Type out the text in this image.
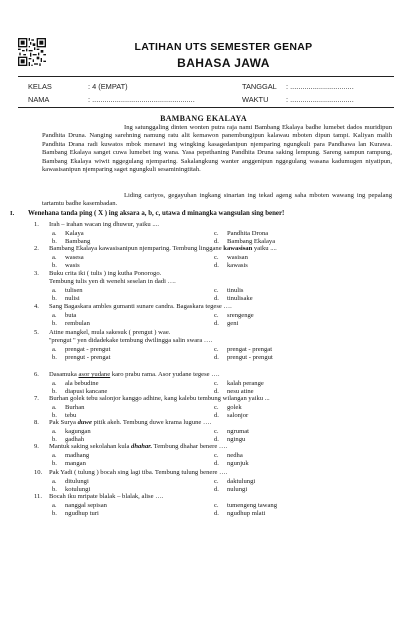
LATIHAN UTS SEMESTER GENAP
BAHASA JAWA
KELAS	: 4 (EMPAT)
NAMA	: ..................................................
TANGGAL : ...............................
WAKTU : ...............................
BAMBANG EKALAYA
Ing satunggaling dinten wonten putra raja nami Bambang Ekalaya badhe lumebet dados muridipun Pandhita Druna. Nanging sarehning namung ratu alit kemawon panembungipun kalawau mboten dipun tampi. Kaliyan malih Pandhita Drana radi kuwatos mbok menawi ing wingking kasagedanipun njemparing ngungkuli para Pandhawa lan Kurawa. Bambang Ekalaya sanget cuwa lumebet ing wana. Yasa pepethaning Pandhita Druna saking lempung. Sareng sampun rampung, Bambang Ekalaya wiwit nggegulang njemparing. Sakalangkung wanter anggenipun nggegulang wasana kadumugen niyatipun, kawasisanipun njemparing saget ngungkuli sesaminingtitah.
Liding cariyos, gegayuhan ingkang sinartan ing tekad ageng saha mboten wawang ing pepalang tartamtu badhe kasembadan.
I. Wenehana tanda ping ( X ) ing aksara a, b, c, utawa d minangka wangsulan sing bener!
1. Irah – irahan wacan ing dhuwur, yaiku ....
a. Kalaya	c. Pandhita Drona
b. Bambang	d. Bambang Ekalaya
2. Bambang Ekalaya kawasisanipun njemparing. Tembung linggane kawasisan yaiku ....
a. wasesa	c. wasisan
b. wasis	d. kawasis
3. Buku crita iki ( tulis ) ing kutha Ponorogo.
Tembung tulis yen di wenehi seselan in dadi ….
a. tulisen	c. tinulis
b. nulisi	d. tinulisake
4. Sang Bagaskara ambles gumanti sunare candra. Bagaskara tegese ….
a. buta	c. srengenge
b. rembulan	d. geni
5. Atine mangkel, mula sakesuk ( prengut ) wae.
''prengut '' yen didadekake tembung dwilingga salin swara ….
a. prengat - prengut	c. prengat - prengat
b. prengut - prengat	d. prengut - prengut
6. Dasamuka asor yudane karo prabu rama. Asor yudane tegese ….
a. ala bebudine	c. kalah perange
b. diapusi kancane	d. nesu atine
7. Burhan golek tebu salonjor kanggo adhine, kang kalebu tembung wilangan yaiku ...
a. Burhan	c. golek
b. tebu	d. salonjor
8. Pak Surya duwe pitik akeh. Tembung duwe krama lugune ….
a. kagungan	c. ngrumat
b. gadhah	d. ngingu
9. Mantuk saking sekolahan kula dhahar. Tembung dhahar benere ….
a. madhang	c. nedha
b. mangan	d. ngunjuk
10. Pak Yadi ( tulung ) bocah sing lagi tiba. Tembung tulung benere ….
a. ditulungi	c. daktulungi
b. kotulungi	d. nulungi
11. Bocah iku mripate blalak – blalak, alise ….
a. nanggal sepisan	c. tumengeng tawang
b. ngudhup turi	d. ngudhup mlati
